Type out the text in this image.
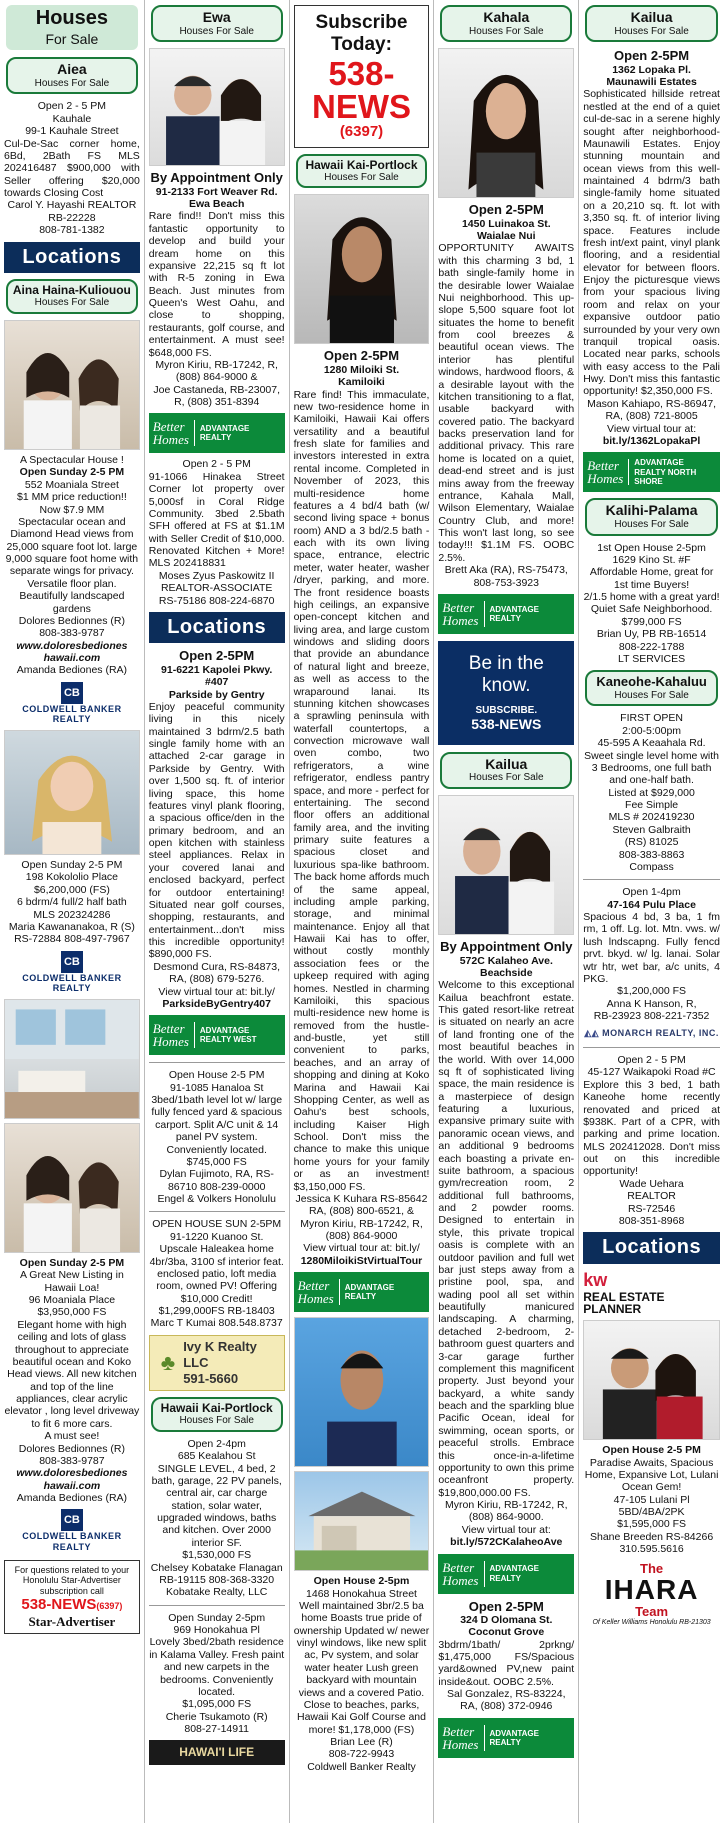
Houses
For Sale
Aiea
Houses For Sale
Open 2 - 5 PM
Kauhale
99-1 Kauhale Street
Cul-De-Sac corner home, 6Bd, 2Bath FS MLS 202416487 $900,000 with Seller offering $20,000 towards Closing Cost
Carol Y. Hayashi REALTOR
RB-22228
808-781-1382
Locations
Aina Haina-Kuliouou
Houses For Sale
A Spectacular House !
Open Sunday 2-5 PM
552 Moaniala Street
$1 MM price reduction!!
Now $7.9 MM
Spectacular ocean and Diamond Head views from 25,000 square foot lot. large 9,000 square foot home with separate wings for privacy. Versatile floor plan. Beautifully landscaped gardens
Dolores Bedionnes (R)
808-383-9787
www.doloresbediones hawaii.com
Amanda Bediones (RA)
CB
COLDWELL BANKER REALTY
Open Sunday 2-5 PM
198 Kokololio Place
$6,200,000 (FS)
6 bdrm/4 full/2 half bath
MLS 202324286
Maria Kawananakoa, R (S)
RS-72884 808-497-7967
CB
COLDWELL BANKER REALTY
Open Sunday 2-5 PM
A Great New Listing in Hawaii Loa!
96 Moaniala Place
$3,950,000 FS
Elegant home with high ceiling and lots of glass throughout to appreciate beautiful ocean and Koko Head views. All new kitchen and top of the line appliances, clear acrylic elevator , long level driveway to fit 6 more cars.
A must see!
Dolores Bedionnes (R)
808-383-9787
www.doloresbediones hawaii.com
Amanda Bediones (RA)
CB
COLDWELL BANKER REALTY
For questions related to your Honolulu Star-Advertiser subscription call
538-NEWS(6397)
Star-Advertiser
Ewa
Houses For Sale
By Appointment Only
91-2133 Fort Weaver Rd.
Ewa Beach
Rare find!! Don't miss this fantastic opportunity to develop and build your dream home on this expansive 22,215 sq ft lot with R-5 zoning in Ewa Beach. Just minutes from Queen's West Oahu, and close to shopping, restaurants, golf course, and entertainment. A must see! $648,000 FS.
Myron Kiriu, RB-17242, R, (808) 864-9000 &
Joe Castaneda, RB-23007, R, (808) 351-8394
Better
Homes
ADVANTAGE REALTY
Open 2 - 5 PM
91-1066 Hinakea Street Corner lot property over 5,000sf in Coral Ridge Community. 3bed 2.5bath SFH offered at FS at $1.1M with Seller Credit of $10,000. Renovated Kitchen + More! MLS 202418831
Moses Zyus Paskowitz II
REALTOR-ASSOCIATE
RS-75186 808-224-6870
Locations
Open 2-5PM
91-6221 Kapolei Pkwy. #407
Parkside by Gentry
Enjoy peaceful community living in this nicely maintained 3 bdrm/2.5 bath single family home with an attached 2-car garage in Parkside by Gentry. With over 1,500 sq. ft. of interior living space, this home features vinyl plank flooring, a spacious office/den in the primary bedroom, and an open kitchen with stainless steel appliances. Relax in your covered lanai and enclosed backyard, perfect for outdoor entertaining! Situated near golf courses, shopping, restaurants, and entertainment...don't miss this incredible opportunity! $890,000 FS.
Desmond Cura, RS-84873, RA, (808) 679-5276.
View virtual tour at: bit.ly/
ParksideByGentry407
Better
Homes
ADVANTAGE REALTY WEST
Open House 2-5 PM
91-1085 Hanaloa St
3bed/1bath level lot w/ large fully fenced yard & spacious carport. Split A/C unit & 14 panel PV system. Conveniently located. $745,000 FS
Dylan Fujimoto, RA, RS-86710 808-239-0000
Engel & Volkers Honolulu
OPEN HOUSE SUN 2-5PM
91-1220 Kuanoo St.
Upscale Haleakea home 4br/3ba, 3100 sf interior feat. enclosed patio, loft media room, owned PV! Offering $10,000 Credit! $1,299,000FS RB-18403
Marc T Kumai 808.548.8737
♣
Ivy K Realty LLC
591-5660
Hawaii Kai-Portlock
Houses For Sale
Open 2-4pm
685 Kealahou St
SINGLE LEVEL, 4 bed, 2 bath, garage, 22 PV panels, central air, car charge station, solar water, upgraded windows, baths and kitchen. Over 2000 interior SF.
$1,530,000 FS
Chelsey Kobatake Flanagan
RB-19115 808-368-3320
Kobatake Realty, LLC
Open Sunday 2-5pm
969 Honokahua Pl
Lovely 3bed/2bath residence in Kalama Valley. Fresh paint and new carpets in the bedrooms. Conveniently located.
$1,095,000 FS
Cherie Tsukamoto (R)
808-27-14911
HAWAI'I LIFE
Subscribe Today:
538-NEWS
(6397)
Hawaii Kai-Portlock
Houses For Sale
Open 2-5PM
1280 Miloiki St.
Kamiloiki
Rare find! This immaculate, new two-residence home in Kamiloiki, Hawaii Kai offers versatility and a beautiful fresh slate for families and investors interested in extra rental income. Completed in November of 2023, this multi-residence home features a 4 bd/4 bath (w/ second living space + bonus room) AND a 3 bd/2.5 bath - each with its own living space, entrance, electric meter, water heater, washer /dryer, parking, and more. The front residence boasts high ceilings, an expansive open-concept kitchen and living area, and large custom windows and sliding doors that provide an abundance of natural light and breeze, as well as access to the wraparound lanai. Its stunning kitchen showcases a sprawling peninsula with waterfall countertops, a convection microwave wall oven combo, two refrigerators, a wine refrigerator, endless pantry space, and more - perfect for entertaining. The second floor offers an additional family area, and the inviting primary suite features a spacious closet and luxurious spa-like bathroom. The back home affords much of the same appeal, including ample parking, storage, and minimal maintenance. Enjoy all that Hawaii Kai has to offer, without costly monthly association fees or the upkeep required with aging homes. Nestled in charming Kamiloiki, this spacious multi-residence new home is removed from the hustle-and-bustle, yet still convenient to parks, beaches, and an array of shopping and dining at Koko Marina and Hawaii Kai Shopping Center, as well as Oahu's best schools, including Kaiser High School. Don't miss the chance to make this unique home yours for your family or as an investment! $3,150,000 FS.
Jessica K Kuhara RS-85642 RA, (808) 800-6521, &
Myron Kiriu, RB-17242, R, (808) 864-9000
View virtual tour at: bit.ly/
1280MiloikiStVirtualTour
Better
Homes
ADVANTAGE REALTY
Open House 2-5pm
1468 Honokahua Street
Well maintained 3br/2.5 ba home Boasts true pride of ownership Updated w/ newer vinyl windows, like new split ac, Pv system, and solar water heater Lush green backyard with mountain views and a covered Patio. Close to beaches, parks, Hawaii Kai Golf Course and more! $1,178,000 (FS)
Brian Lee (R)
808-722-9943
Coldwell Banker Realty
Kahala
Houses For Sale
Open 2-5PM
1450 Luinakoa St.
Waialae Nui
OPPORTUNITY AWAITS with this charming 3 bd, 1 bath single-family home in the desirable lower Waialae Nui neighborhood. This up-slope 5,500 square foot lot situates the home to benefit from cool breezes & beautiful ocean views. The interior has plentiful windows, hardwood floors, & a desirable layout with the kitchen transitioning to a flat, usable backyard with covered patio. The backyard backs preservation land for additional privacy. This rare home is located on a quiet, dead-end street and is just mins away from the freeway entrance, Kahala Mall, Wilson Elementary, Waialae Country Club, and more! This won't last long, so see today!!! $1.1M FS. OOBC 2.5%.
Brett Aka (RA), RS-75473, 808-753-3923
Better
Homes
ADVANTAGE REALTY
Be in the know.
SUBSCRIBE.
538-NEWS
Kailua
Houses For Sale
By Appointment Only
572C Kalaheo Ave.
Beachside
Welcome to this exceptional Kailua beachfront estate. This gated resort-like retreat is situated on nearly an acre of land fronting one of the most beautiful beaches in the world. With over 14,000 sq ft of sophisticated living space, the main residence is a masterpiece of design featuring a luxurious, expansive primary suite with panoramic ocean views, and an additional 9 bedrooms each boasting a private en-suite bathroom, a spacious gym/recreation room, 2 additional full bathrooms, and 2 powder rooms. Designed to entertain in style, this private tropical oasis is complete with an outdoor pavilion and full wet bar just steps away from a pristine pool, spa, and wading pool all set within beautifully manicured landscaping. A charming, detached 2-bedroom, 2-bathroom guest quarters and 3-car garage further complement this magnificent property. Just beyond your backyard, a white sandy beach and the sparkling blue Pacific Ocean, ideal for swimming, ocean sports, or peaceful strolls. Embrace this once-in-a-lifetime opportunity to own this prime oceanfront property. $19,800,000.00 FS.
Myron Kiriu, RB-17242, R, (808) 864-9000.
View virtual tour at:
bit.ly/572CKalaheoAve
Better
Homes
ADVANTAGE REALTY
Open 2-5PM
324 D Olomana St.
Coconut Grove
3bdrm/1bath/ 2prkng/ $1,475,000 FS/Spacious yard&owned PV,new paint inside&out. OOBC 2.5%.
Sal Gonzalez, RS-83224, RA, (808) 372-0946
Better
Homes
ADVANTAGE REALTY
Kailua
Houses For Sale
Open 2-5PM
1362 Lopaka Pl.
Maunawili Estates
Sophisticated hillside retreat nestled at the end of a quiet cul-de-sac in a serene highly sought after neighborhood-Maunawili Estates. Enjoy stunning mountain and ocean views from this well-maintained 4 bdrm/3 bath single-family home situated on a 20,210 sq. ft. lot with 3,350 sq. ft. of interior living space. Features include fresh int/ext paint, vinyl plank flooring, and a residential elevator for between floors. Enjoy the picturesque views from your spacious living room and relax on your expansive outdoor patio surrounded by your very own tranquil tropical oasis. Located near parks, schools with easy access to the Pali Hwy. Don't miss this fantastic opportunity! $2,350,000 FS.
Mason Kahiapo, RS-86947, RA, (808) 721-8005
View virtual tour at:
bit.ly/1362LopakaPl
Better
Homes
ADVANTAGE REALTY NORTH SHORE
Kalihi-Palama
Houses For Sale
1st Open House 2-5pm
1629 Kino St. #F
Affordable Home, great for 1st time Buyers!
2/1.5 home with a great yard! Quiet Safe Neighborhood.
$799,000 FS
Brian Uy, PB RB-16514
808-222-1788
LT SERVICES
Kaneohe-Kahaluu
Houses For Sale
FIRST OPEN
2:00-5:00pm
45-595 A Keaahala Rd.
Sweet single level home with 3 Bedrooms, one full bath and one-half bath.
Listed at $929,000
Fee Simple
MLS # 202419230
Steven Galbraith
(RS) 81025
808-383-8863
Compass
Open 1-4pm
47-164 Pulu Place
Spacious 4 bd, 3 ba, 1 fm rm, 1 off. Lg. lot. Mtn. vws. w/ lush lndscapng. Fully fencd prvt. bkyd. w/ lg. lanai. Solar wtr htr, wet bar, a/c units, 4 PKG.
$1,200,000 FS
Anna K Hanson, R,
RB-23923 808-221-7352
◭◭ MONARCH REALTY, INC.
Open 2 - 5 PM
45-127 Waikapoki Road #C
Explore this 3 bed, 1 bath Kaneohe home recently renovated and priced at $938K. Part of a CPR, with parking and prime location. MLS 202412028. Don't miss out on this incredible opportunity!
Wade Uehara
REALTOR
RS-72546
808-351-8968
Locations
kw REAL ESTATE PLANNER
Open House 2-5 PM
Paradise Awaits, Spacious Home, Expansive Lot, Lulani Ocean Gem!
47-105 Lulani Pl
5BD/4BA/2PK
$1,595,000 FS
Shane Breeden RS-84266
310.595.5616
The
IHARA
Team
Of Keller Williams Honolulu RB-21303
